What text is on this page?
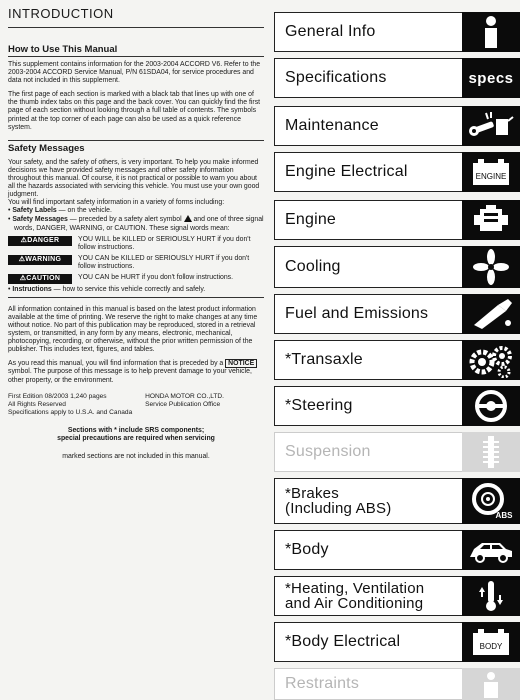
INTRODUCTION
How to Use This Manual

This supplement contains information for the 2003-2004 ACCORD V6. Refer to the 2003-2004 ACCORD Service Manual, P/N 61SDA04, for service procedures and data not included in this supplement.

The first page of each section is marked with a black tab that lines up with one of the thumb index tabs on this page and the back cover. You can quickly find the first page of each section without looking through a full table of contents. The symbols printed at the top corner of each page can also be used as a quick reference system.

Safety Messages

Your safety, and the safety of others, is very important. To help you make informed decisions we have provided safety messages and other safety information throughout this manual. Of course, it is not practical or possible to warn you about all the hazards associated with servicing this vehicle. You must use your own good judgment.

You will find important safety information in a variety of forms including:

• Safety Labels — on the vehicle.

• Safety Messages — preceded by a safety alert symbol  and one of three signal words, DANGER, WARNING, or CAUTION. These signal words mean:

⚠DANGER	YOU WILL be KILLED or SERIOUSLY HURT if you don't follow instructions.
⚠WARNING	YOU CAN be KILLED or SERIOUSLY HURT if you don't follow instructions.
⚠CAUTION	YOU CAN be HURT if you don't follow instructions.

• Instructions — how to service this vehicle correctly and safely.

All information contained in this manual is based on the latest product information available at the time of printing. We reserve the right to make changes at any time without notice. No part of this publication may be reproduced, stored in a retrieval system, or transmitted, in any form by any means, electronic, mechanical, photocopying, recording, or otherwise, without the prior written permission of the publisher. This includes text, figures, and tables.

As you read this manual, you will find information that is preceded by a NOTICE symbol. The purpose of this message is to help prevent damage to your vehicle, other property, or the environment.

First Edition 08/2003 1,240 pages
All Rights Reserved
Specifications apply to U.S.A. and Canada
HONDA MOTOR CO.,LTD.
Service Publication Office
Sections with * include SRS components;
special precautions are required when servicing
marked sections are not included in this manual.
General Info
Specifications	specs
Maintenance
Engine Electrical	ENGINE
Engine
Cooling
Fuel and Emissions
*Transaxle
*Steering
Suspension
*Brakes
(Including ABS)	ABS
*Body
*Heating, Ventilation
and Air Conditioning
*Body Electrical	BODY
Restraints
